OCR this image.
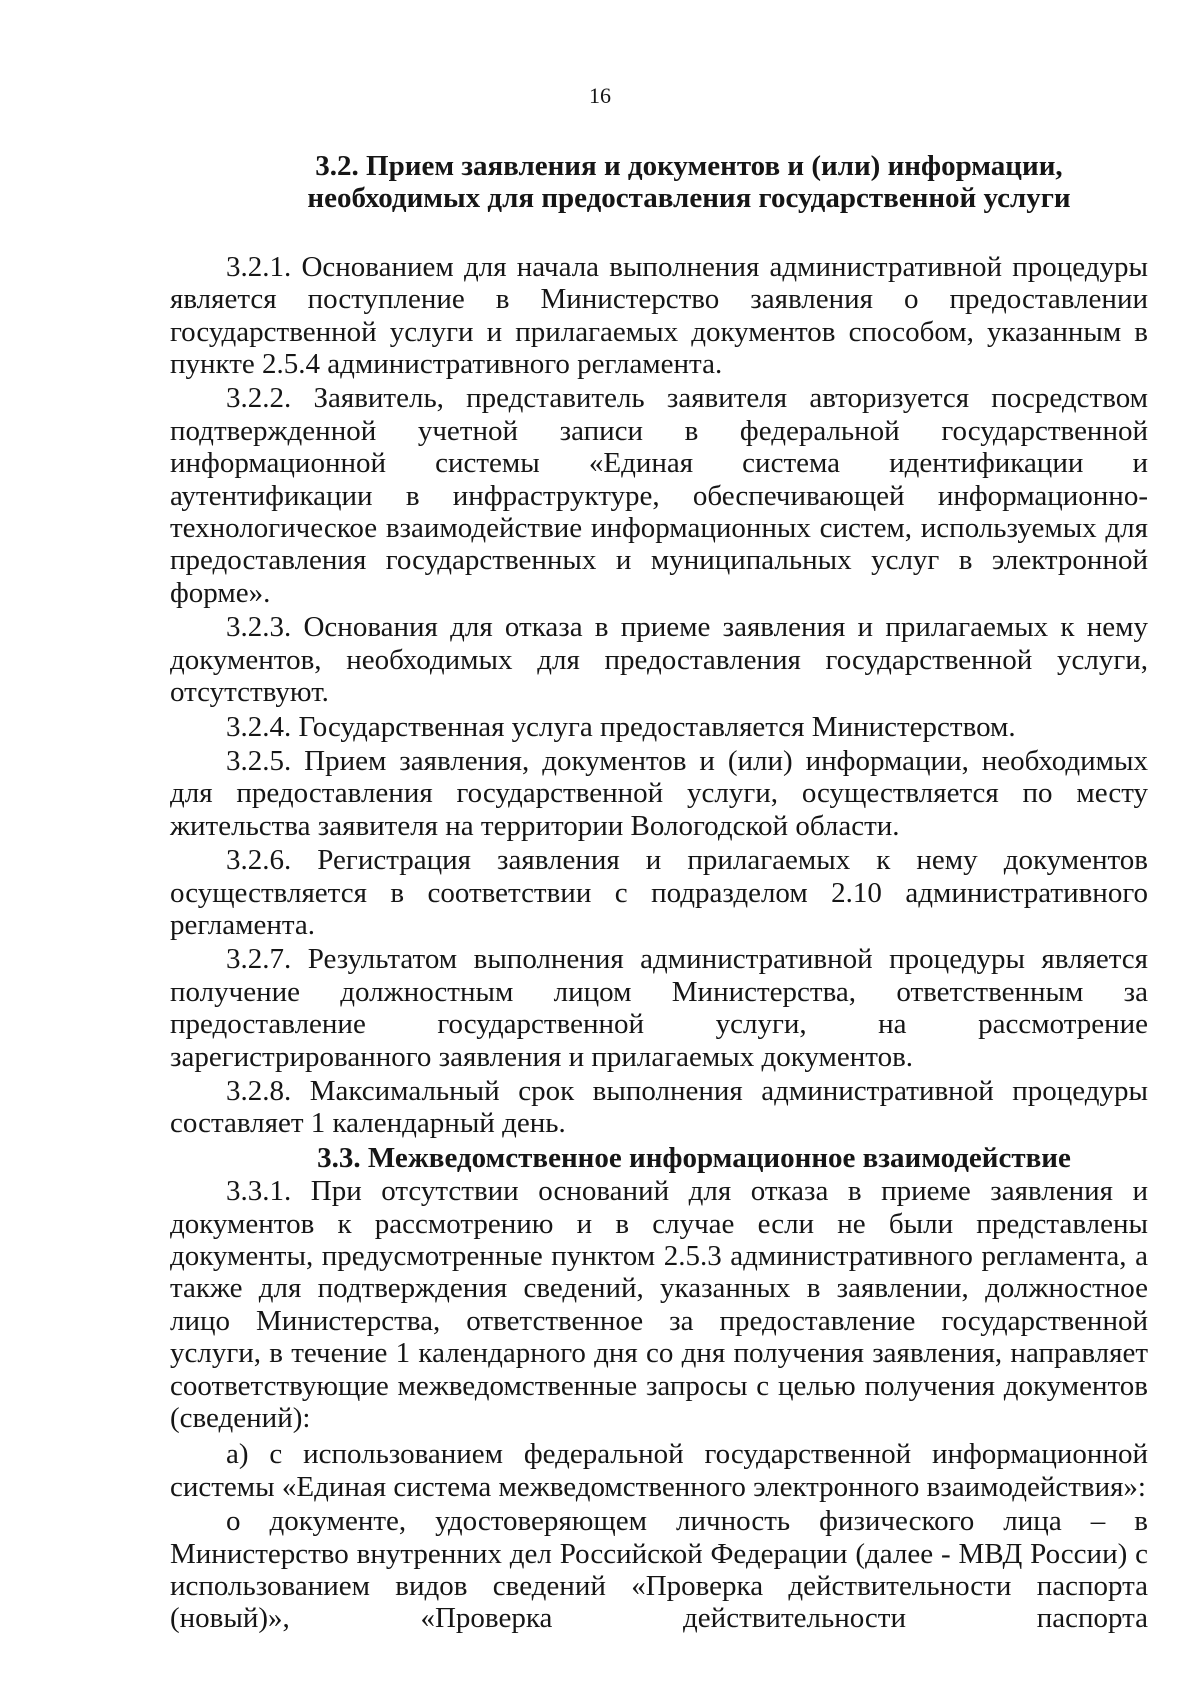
16

3.2. Прием заявления и документов и (или) информации, необходимых для предоставления государственной услуги

3.2.1. Основанием для начала выполнения административной процедуры является поступление в Министерство заявления о предоставлении государственной услуги и прилагаемых документов способом, указанным в пункте 2.5.4 административного регламента.

3.2.2. Заявитель, представитель заявителя авторизуется посредством подтвержденной учетной записи в федеральной государственной информационной системы «Единая система идентификации и аутентификации в инфраструктуре, обеспечивающей информационно-технологическое взаимодействие информационных систем, используемых для предоставления государственных и муниципальных услуг в электронной форме».

3.2.3. Основания для отказа в приеме заявления и прилагаемых к нему документов, необходимых для предоставления государственной услуги, отсутствуют.

3.2.4. Государственная услуга предоставляется Министерством.

3.2.5. Прием заявления, документов и (или) информации, необходимых для предоставления государственной услуги, осуществляется по месту жительства заявителя на территории Вологодской области.

3.2.6. Регистрация заявления и прилагаемых к нему документов осуществляется в соответствии с подразделом 2.10 административного регламента.

3.2.7. Результатом выполнения административной процедуры является получение должностным лицом Министерства, ответственным за предоставление государственной услуги, на рассмотрение зарегистрированного заявления и прилагаемых документов.

3.2.8. Максимальный срок выполнения административной процедуры составляет 1 календарный день.

3.3. Межведомственное информационное взаимодействие

3.3.1. При отсутствии оснований для отказа в приеме заявления и документов к рассмотрению и в случае если не были представлены документы, предусмотренные пунктом 2.5.3 административного регламента, а также для подтверждения сведений, указанных в заявлении, должностное лицо Министерства, ответственное за предоставление государственной услуги, в течение 1 календарного дня со дня получения заявления, направляет соответствующие межведомственные запросы с целью получения документов (сведений):

а) с использованием федеральной государственной информационной системы «Единая система межведомственного электронного взаимодействия»:

о документе, удостоверяющем личность физического лица – в Министерство внутренних дел Российской Федерации (далее - МВД России) с использованием видов сведений «Проверка действительности паспорта (новый)», «Проверка действительности паспорта
